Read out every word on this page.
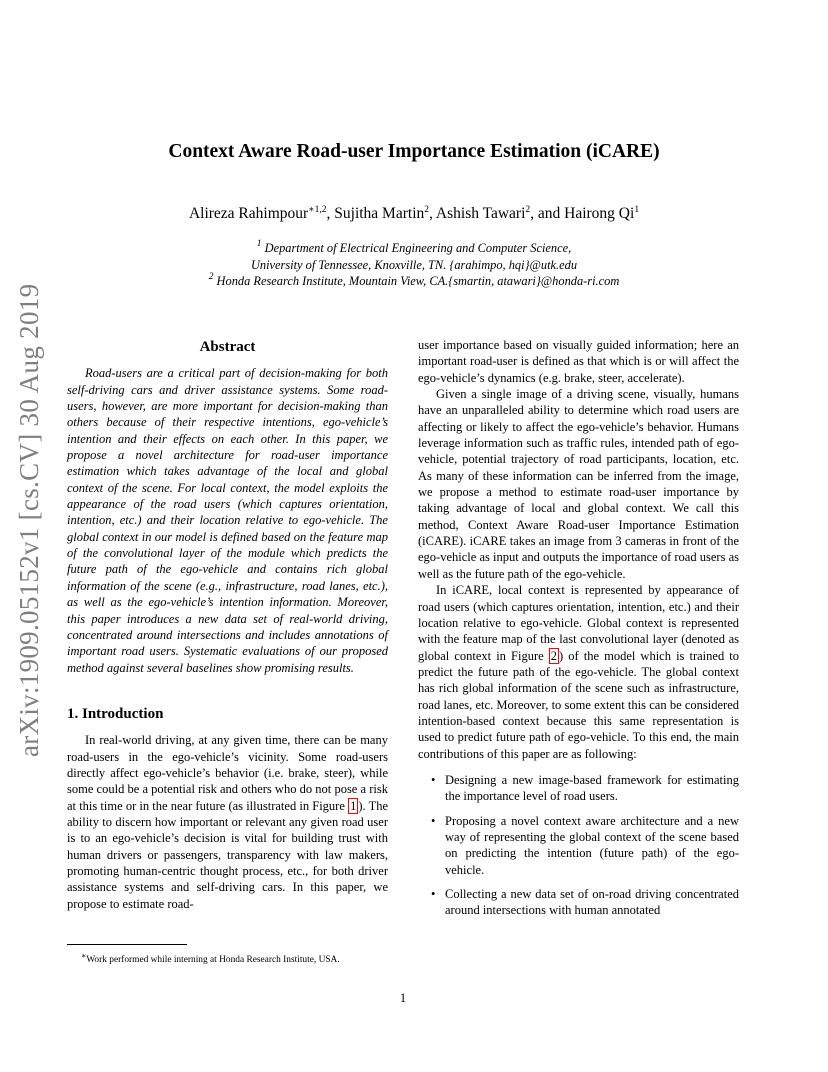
arXiv:1909.05152v1 [cs.CV] 30 Aug 2019
Context Aware Road-user Importance Estimation (iCARE)
Alireza Rahimpour$^{∗1,2}$, Sujitha Martin$^2$, Ashish Tawari$^2$, and Hairong Qi$^1$
$^1$ Department of Electrical Engineering and Computer Science,
University of Tennessee, Knoxville, TN. {arahimpo, hqi}@utk.edu
$^2$ Honda Research Institute, Mountain View, CA.{smartin, atawari}@honda-ri.com
Abstract

Road-users are a critical part of decision-making for both self-driving cars and driver assistance systems. Some road-users, however, are more important for decision-making than others because of their respective intentions, ego-vehicle’s intention and their effects on each other. In this paper, we propose a novel architecture for road-user importance estimation which takes advantage of the local and global context of the scene. For local context, the model exploits the appearance of the road users (which captures orientation, intention, etc.) and their location relative to ego-vehicle. The global context in our model is defined based on the feature map of the convolutional layer of the module which predicts the future path of the ego-vehicle and contains rich global information of the scene (e.g., infrastructure, road lanes, etc.), as well as the ego-vehicle’s intention information. Moreover, this paper introduces a new data set of real-world driving, concentrated around intersections and includes annotations of important road users. Systematic evaluations of our proposed method against several baselines show promising results.

1. Introduction

In real-world driving, at any given time, there can be many road-users in the ego-vehicle’s vicinity. Some road-users directly affect ego-vehicle’s behavior (i.e. brake, steer), while some could be a potential risk and others who do not pose a risk at this time or in the near future (as illustrated in Figure 1 ). The ability to discern how important or relevant any given road user is to an ego-vehicle’s decision is vital for building trust with human drivers or passengers, transparency with law makers, promoting human-centric thought process, etc., for both driver assistance systems and self-driving cars. In this paper, we propose to estimate road-

user importance based on visually guided information; here an important road-user is defined as that which is or will affect the ego-vehicle’s dynamics (e.g. brake, steer, accelerate).

Given a single image of a driving scene, visually, humans have an unparalleled ability to determine which road users are affecting or likely to affect the ego-vehicle’s behavior. Humans leverage information such as traffic rules, intended path of ego-vehicle, potential trajectory of road participants, location, etc. As many of these information can be inferred from the image, we propose a method to estimate road-user importance by taking advantage of local and global context. We call this method, Context Aware Road-user Importance Estimation (iCARE). iCARE takes an image from 3 cameras in front of the ego-vehicle as input and outputs the importance of road users as well as the future path of the ego-vehicle.

In iCARE, local context is represented by appearance of road users (which captures orientation, intention, etc.) and their location relative to ego-vehicle. Global context is represented with the feature map of the last convolutional layer (denoted as global context in Figure 2 ) of the model which is trained to predict the future path of the ego-vehicle. The global context has rich global information of the scene such as infrastructure, road lanes, etc. Moreover, to some extent this can be considered intention-based context because this same representation is used to predict future path of ego-vehicle. To this end, the main contributions of this paper are as following:

• Designing a new image-based framework for estimating the importance level of road users.
• Proposing a novel context aware architecture and a new way of representing the global context of the scene based on predicting the intention (future path) of the ego-vehicle.
• Collecting a new data set of on-road driving concentrated around intersections with human annotated
∗Work performed while interning at Honda Research Institute, USA.
1
